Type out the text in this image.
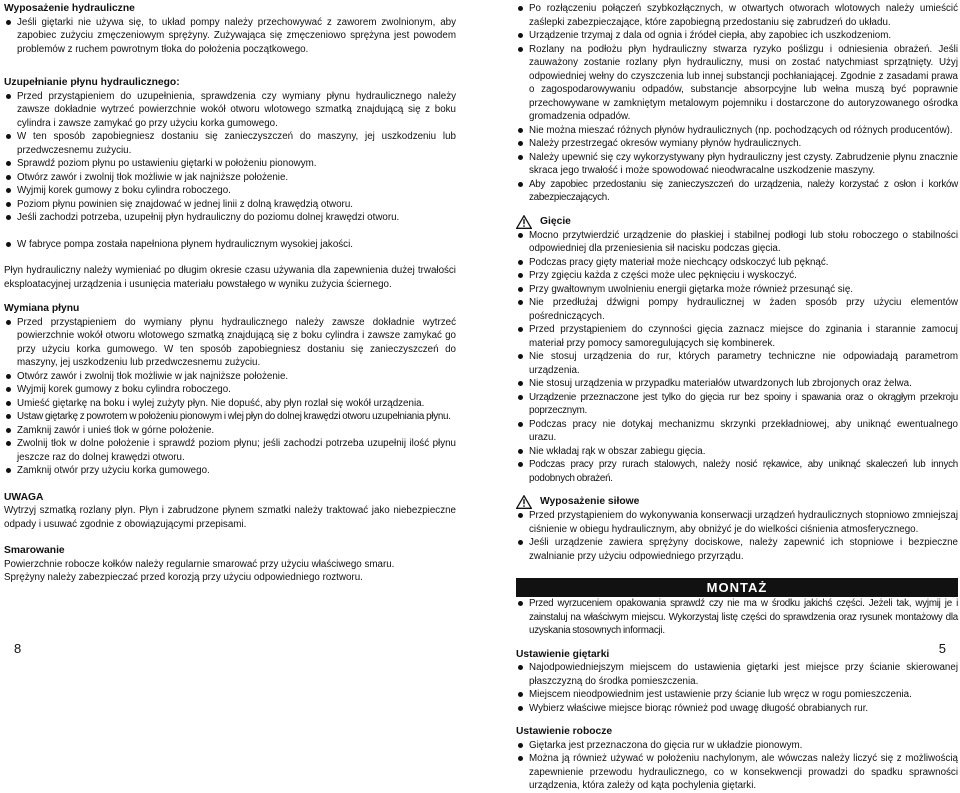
Wyposażenie hydrauliczne
Jeśli giętarki nie używa się, to układ pompy należy przechowywać z zaworem zwolnionym, aby zapobiec zużyciu zmęczeniowym sprężyny. Zużywająca się zmęczeniowo sprężyna jest powodem problemów z ruchem powrotnym tłoka do położenia początkowego.
Uzupełnianie płynu hydraulicznego:
Przed przystąpieniem do uzupełnienia, sprawdzenia czy wymiany płynu hydraulicznego należy zawsze dokładnie wytrzeć powierzchnie wokół otworu wlotowego szmatką znajdującą się z boku cylindra i zawsze zamykać go przy użyciu korka gumowego.
W ten sposób zapobiegniesz dostaniu się zanieczyszczeń do maszyny, jej uszkodzeniu lub przedwczesnemu zużyciu.
Sprawdź poziom płynu po ustawieniu giętarki w położeniu pionowym.
Otwórz zawór i zwolnij tłok możliwie w jak najniższe położenie.
Wyjmij korek gumowy z boku cylindra roboczego.
Poziom płynu powinien się znajdować w jednej linii z dolną krawędzią otworu.
Jeśli zachodzi potrzeba, uzupełnij płyn hydrauliczny do poziomu dolnej krawędzi otworu.
W fabryce pompa została napełniona płynem hydraulicznym wysokiej jakości.

Płyn hydrauliczny należy wymieniać po długim okresie czasu używania dla zapewnienia dużej trwałości eksploatacyjnej urządzenia i usunięcia materiału powstałego w wyniku zużycia ściernego.

Wymiana płynu
Przed przystąpieniem do wymiany płynu hydraulicznego należy zawsze dokładnie wytrzeć powierzchnie wokół otworu wlotowego szmatką znajdującą się z boku cylindra i zawsze zamykać go przy użyciu korka gumowego. W ten sposób zapobiegniesz dostaniu się zanieczyszczeń do maszyny, jej uszkodzeniu lub przedwczesnemu zużyciu.
Otwórz zawór i zwolnij tłok możliwie w jak najniższe położenie.
Wyjmij korek gumowy z boku cylindra roboczego.
Umieść giętarkę na boku i wylej zużyty płyn. Nie dopuść, aby płyn rozlał się wokół urządzenia.
Ustaw giętarkę z powrotem w położeniu pionowym i wlej płyn do dolnej krawędzi otworu uzupełniania płynu.
Zamknij zawór i unieś tłok w górne położenie.
Zwolnij tłok w dolne położenie i sprawdź poziom płynu; jeśli zachodzi potrzeba uzupełnij ilość płynu jeszcze raz do dolnej krawędzi otworu.
Zamknij otwór przy użyciu korka gumowego.
UWAGA

Wytrzyj szmatką rozlany płyn. Płyn i zabrudzone płynem szmatki należy traktować jako niebezpieczne odpady i usuwać zgodnie z obowiązującymi przepisami.

Smarowanie

Powierzchnie robocze kołków należy regularnie smarować przy użyciu właściwego smaru.

Sprężyny należy zabezpieczać przed korozją przy użyciu odpowiedniego roztworu.

8
Po rozłączeniu połączeń szybkozłącznych, w otwartych otworach wlotowych należy umieścić zaślepki zabezpieczające, które zapobiegną przedostaniu się zabrudzeń do układu.
Urządzenie trzymaj z dala od ognia i źródeł ciepła, aby zapobiec ich uszkodzeniom.
Rozlany na podłożu płyn hydrauliczny stwarza ryzyko poślizgu i odniesienia obrażeń. Jeśli zauważony zostanie rozlany płyn hydrauliczny, musi on zostać natychmiast sprzątnięty. Użyj odpowiedniej wełny do czyszczenia lub innej substancji pochłaniającej. Zgodnie z zasadami prawa o zagospodarowywaniu odpadów, substancje absorpcyjne lub wełna muszą być poprawnie przechowywane w zamkniętym metalowym pojemniku i dostarczone do autoryzowanego ośrodka gromadzenia odpadów.
Nie można mieszać różnych płynów hydraulicznych (np. pochodzących od różnych producentów).
Należy przestrzegać okresów wymiany płynów hydraulicznych.
Należy upewnić się czy wykorzystywany płyn hydrauliczny jest czysty. Zabrudzenie płynu znacznie skraca jego trwałość i może spowodować nieodwracalne uszkodzenie maszyny.
Aby zapobiec przedostaniu się zanieczyszczeń do urządzenia, należy korzystać z osłon i korków zabezpieczających.
Gięcie
Mocno przytwierdzić urządzenie do płaskiej i stabilnej podłogi lub stołu roboczego o stabilności odpowiedniej dla przeniesienia sił nacisku podczas gięcia.
Podczas pracy gięty materiał może niechcący odskoczyć lub pęknąć.
Przy zgięciu każda z części może ulec pęknięciu i wyskoczyć.
Przy gwałtownym uwolnieniu energii giętarka może również przesunąć się.
Nie przedłużaj dźwigni pompy hydraulicznej w żaden sposób przy użyciu elementów pośredniczących.
Przed przystąpieniem do czynności gięcia zaznacz miejsce do zginania i starannie zamocuj materiał przy pomocy samoregulujących się kombinerek.
Nie stosuj urządzenia do rur, których parametry techniczne nie odpowiadają parametrom urządzenia.
Nie stosuj urządzenia w przypadku materiałów utwardzonych lub zbrojonych oraz żelwa.
Urządzenie przeznaczone jest tylko do gięcia rur bez spoiny i spawania oraz o okrągłym przekroju poprzecznym.
Podczas pracy nie dotykaj mechanizmu skrzynki przekładniowej, aby uniknąć ewentualnego urazu.
Nie wkładaj rąk w obszar zabiegu gięcia.
Podczas pracy przy rurach stalowych, należy nosić rękawice, aby uniknąć skaleczeń lub innych podobnych obrażeń.
Wyposażenie siłowe
Przed przystąpieniem do wykonywania konserwacji urządzeń hydraulicznych stopniowo zmniejszaj ciśnienie w obiegu hydraulicznym, aby obniżyć je do wielkości ciśnienia atmosferycznego.
Jeśli urządzenie zawiera sprężyny dociskowe, należy zapewnić ich stopniowe i bezpieczne zwalnianie przy użyciu odpowiedniego przyrządu.
MONTAŻ
Przed wyrzuceniem opakowania sprawdź czy nie ma w środku jakichś części. Jeżeli tak, wyjmij je i zainstaluj na właściwym miejscu. Wykorzystaj listę części do sprawdzenia oraz rysunek montażowy dla uzyskania stosownych informacji.
Ustawienie giętarki
Najodpowiedniejszym miejscem do ustawienia giętarki jest miejsce przy ścianie skierowanej płaszczyzną do środka pomieszczenia.
Miejscem nieodpowiednim jest ustawienie przy ścianie lub wręcz w rogu pomieszczenia.
Wybierz właściwe miejsce biorąc również pod uwagę długość obrabianych rur.
Ustawienie robocze
Giętarka jest przeznaczona do gięcia rur w układzie pionowym.
Można ją również używać w położeniu nachylonym, ale wówczas należy liczyć się z możliwością zapewnienie przewodu hydraulicznego, co w konsekwencji prowadzi do spadku sprawności urządzenia, która zależy od kąta pochylenia giętarki.
5
